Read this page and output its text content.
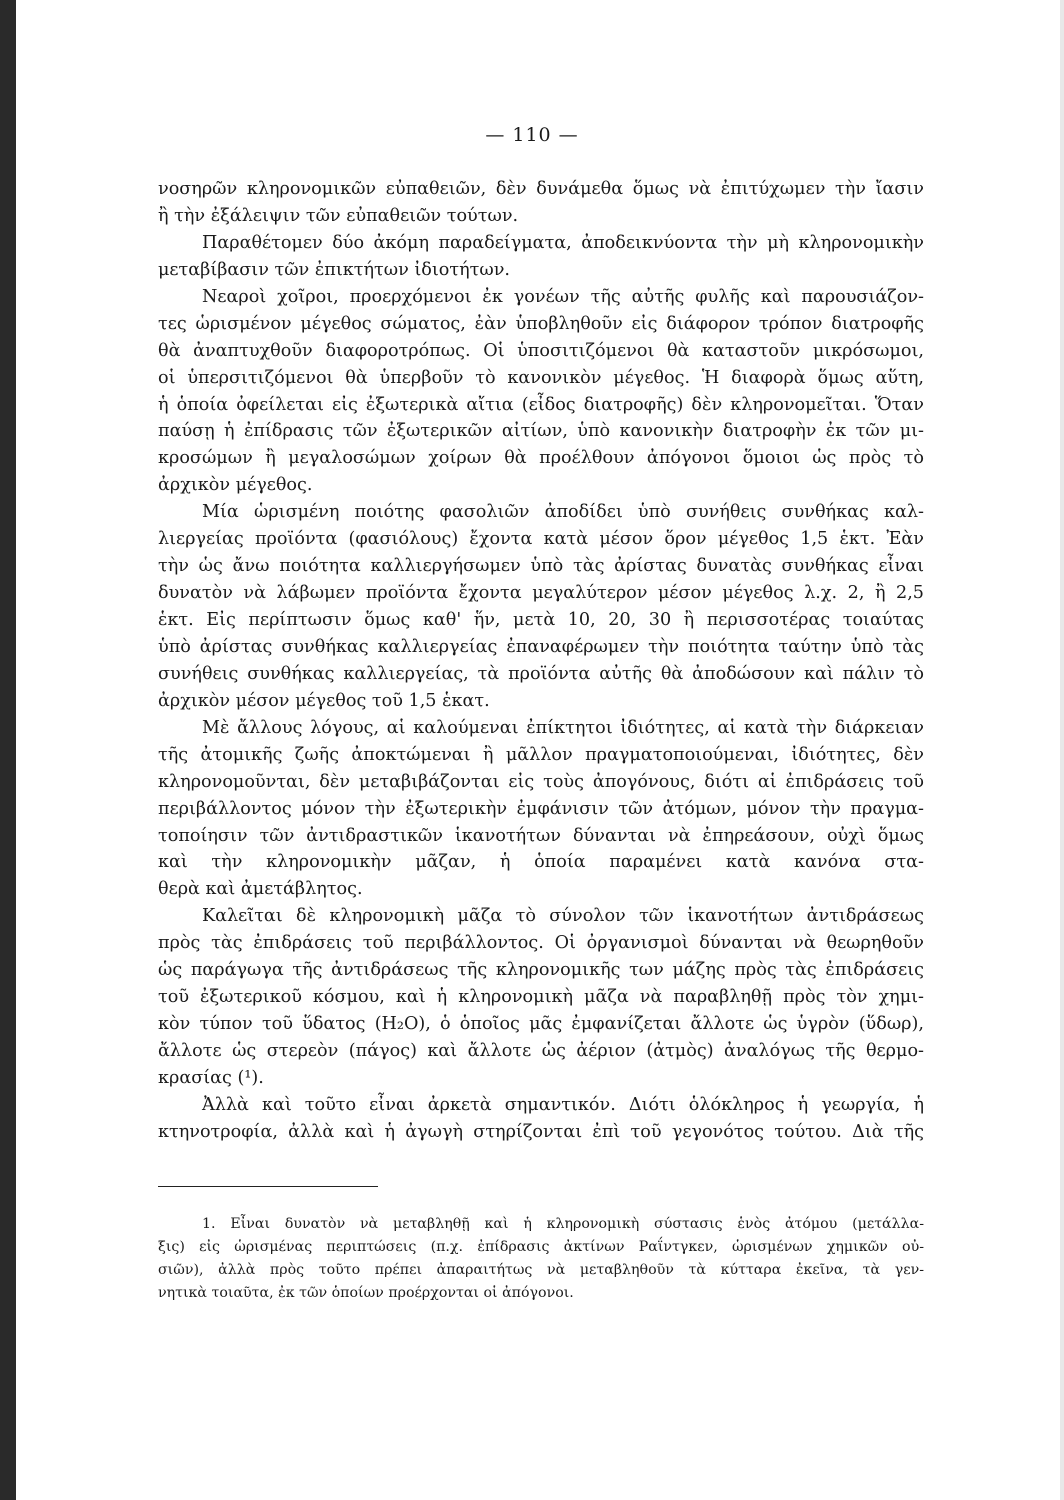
— 110 —
νοσηρῶν κληρονομικῶν εὐπαθειῶν, δὲν δυνάμεθα ὅμως νὰ ἐπιτύχωμεν τὴν ἴασιν
ἢ τὴν ἐξάλειψιν τῶν εὐπαθειῶν τούτων.
Παραθέτομεν δύο ἀκόμη παραδείγματα, ἀποδεικνύοντα τὴν μὴ κληρονομικὴν
μεταβίβασιν τῶν ἐπικτήτων ἰδιοτήτων.
Νεαροὶ χοῖροι, προερχόμενοι ἐκ γονέων τῆς αὐτῆς φυλῆς καὶ παρουσιάζον-
τες ὡρισμένον μέγεθος σώματος, ἐὰν ὑποβληθοῦν εἰς διάφορον τρόπον διατροφῆς
θὰ ἀναπτυχθοῦν διαφοροτρόπως. Οἱ ὑποσιτιζόμενοι θὰ καταστοῦν μικρόσωμοι,
οἱ ὑπερσιτιζόμενοι θὰ ὑπερβοῦν τὸ κανονικὸν μέγεθος. Ἡ διαφορὰ ὅμως αὕτη,
ἡ ὁποία ὀφείλεται εἰς ἐξωτερικὰ αἴτια (εἶδος διατροφῆς) δὲν κληρονομεῖται. Ὅταν
παύσῃ ἡ ἐπίδρασις τῶν ἐξωτερικῶν αἰτίων, ὑπὸ κανονικὴν διατροφὴν ἐκ τῶν μι-
κροσώμων ἢ μεγαλοσώμων χοίρων θὰ προέλθουν ἀπόγονοι ὅμοιοι ὡς πρὸς τὸ
ἀρχικὸν μέγεθος.
Μία ὡρισμένη ποιότης φασολιῶν ἀποδίδει ὑπὸ συνήθεις συνθήκας καλ-
λιεργείας προϊόντα (φασιόλους) ἔχοντα κατὰ μέσον ὅρον μέγεθος 1,5 ἑκτ. Ἐὰν
τὴν ὡς ἄνω ποιότητα καλλιεργήσωμεν ὑπὸ τὰς ἀρίστας δυνατὰς συνθήκας εἶναι
δυνατὸν νὰ λάβωμεν προϊόντα ἔχοντα μεγαλύτερον μέσον μέγεθος λ.χ. 2, ἢ 2,5
ἑκτ. Εἰς περίπτωσιν ὅμως καθ' ἥν, μετὰ 10, 20, 30 ἢ περισσοτέρας τοιαύτας
ὑπὸ ἀρίστας συνθήκας καλλιεργείας ἐπαναφέρωμεν τὴν ποιότητα ταύτην ὑπὸ τὰς
συνήθεις συνθήκας καλλιεργείας, τὰ προϊόντα αὐτῆς θὰ ἀποδώσουν καὶ πάλιν τὸ
ἀρχικὸν μέσον μέγεθος τοῦ 1,5 ἑκατ.
Μὲ ἄλλους λόγους, αἱ καλούμεναι ἐπίκτητοι ἰδιότητες, αἱ κατὰ τὴν διάρκειαν
τῆς ἀτομικῆς ζωῆς ἀποκτώμεναι ἢ μᾶλλον πραγματοποιούμεναι, ἰδιότητες, δὲν
κληρονομοῦνται, δὲν μεταβιβάζονται εἰς τοὺς ἀπογόνους, διότι αἱ ἐπιδράσεις τοῦ
περιβάλλοντος μόνον τὴν ἐξωτερικὴν ἐμφάνισιν τῶν ἀτόμων, μόνον τὴν πραγμα-
τοποίησιν τῶν ἀντιδραστικῶν ἱκανοτήτων δύνανται νὰ ἐπηρεάσουν, οὐχὶ ὅμως
καὶ τὴν κληρονομικὴν μᾶζαν, ἡ ὁποία παραμένει κατὰ κανόνα στα-
θερὰ καὶ ἀμετάβλητος.
Καλεῖται δὲ κληρονομικὴ μᾶζα τὸ σύνολον τῶν ἱκανοτήτων ἀντιδράσεως
πρὸς τὰς ἐπιδράσεις τοῦ περιβάλλοντος. Οἱ ὀργανισμοὶ δύνανται νὰ θεωρηθοῦν
ὡς παράγωγα τῆς ἀντιδράσεως τῆς κληρονομικῆς των μάζης πρὸς τὰς ἐπιδράσεις
τοῦ ἐξωτερικοῦ κόσμου, καὶ ἡ κληρονομικὴ μᾶζα νὰ παραβληθῇ πρὸς τὸν χημι-
κὸν τύπον τοῦ ὕδατος (H₂O), ὁ ὁποῖος μᾶς ἐμφανίζεται ἄλλοτε ὡς ὑγρὸν (ὕδωρ),
ἄλλοτε ὡς στερεὸν (πάγος) καὶ ἄλλοτε ὡς ἀέριον (ἀτμὸς) ἀναλόγως τῆς θερμο-
κρασίας (¹).
Ἀλλὰ καὶ τοῦτο εἶναι ἀρκετὰ σημαντικόν. Διότι ὁλόκληρος ἡ γεωργία, ἡ
κτηνοτροφία, ἀλλὰ καὶ ἡ ἀγωγὴ στηρίζονται ἐπὶ τοῦ γεγονότος τούτου. Διὰ τῆς
1. Εἶναι δυνατὸν νὰ μεταβληθῇ καὶ ἡ κληρονομικὴ σύστασις ἑνὸς ἀτόμου (μετάλλα-
ξις) εἰς ὡρισμένας περιπτώσεις (π.χ. ἐπίδρασις ἀκτίνων Ραΐντγκεν, ὡρισμένων χημικῶν οὐ-
σιῶν), ἀλλὰ πρὸς τοῦτο πρέπει ἀπαραιτήτως νὰ μεταβληθοῦν τὰ κύτταρα ἐκεῖνα, τὰ γεν-
νητικὰ τοιαῦτα, ἐκ τῶν ὁποίων προέρχονται οἱ ἀπόγονοι.
